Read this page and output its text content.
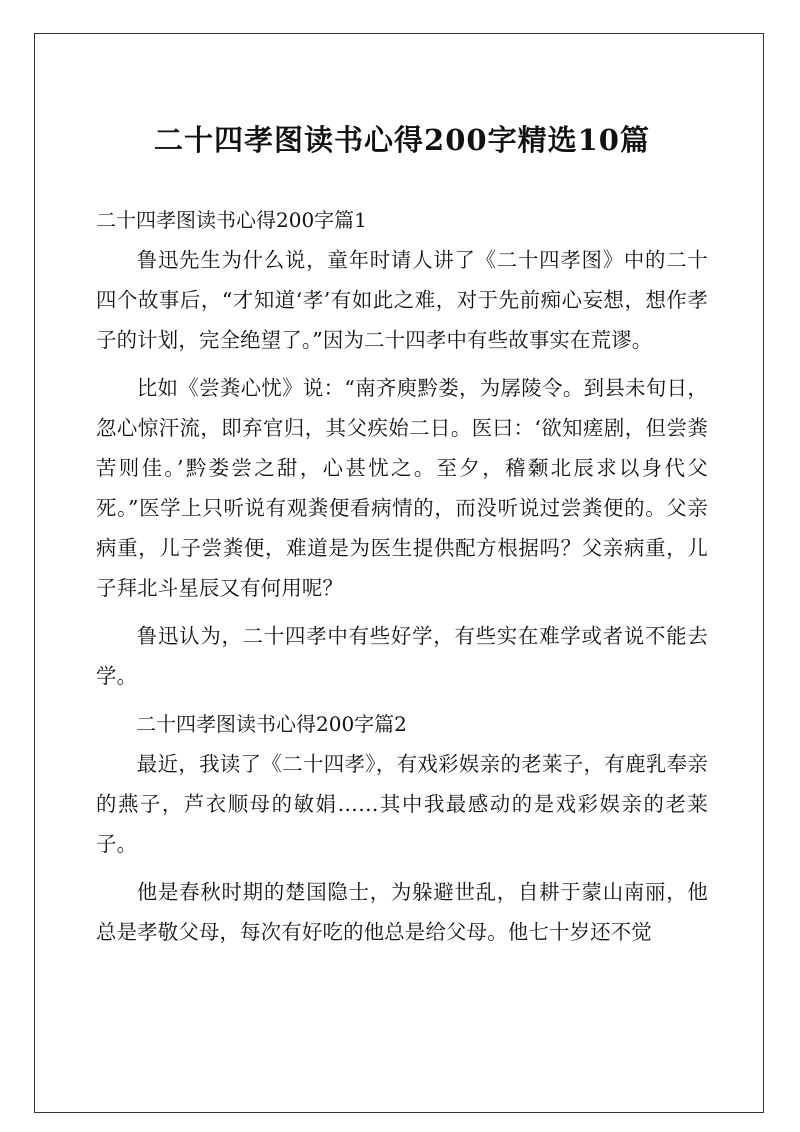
二十四孝图读书心得200字精选10篇

二十四孝图读书心得200字篇1

鲁迅先生为什么说，童年时请人讲了《二十四孝图》中的二十四个故事后，“才知道‘孝’有如此之难，对于先前痴心妄想，想作孝子的计划，完全绝望了。”因为二十四孝中有些故事实在荒谬。

比如《尝粪心忧》说：“南齐庾黔娄，为孱陵令。到县未旬日，忽心惊汗流，即弃官归，其父疾始二日。医曰：‘欲知瘥剧，但尝粪苦则佳。’黔娄尝之甜，心甚忧之。至夕，稽颡北辰求以身代父死。”医学上只听说有观粪便看病情的，而没听说过尝粪便的。父亲病重，儿子尝粪便，难道是为医生提供配方根据吗？父亲病重，儿子拜北斗星辰又有何用呢？

鲁迅认为，二十四孝中有些好学，有些实在难学或者说不能去学。

二十四孝图读书心得200字篇2

最近，我读了《二十四孝》，有戏彩娱亲的老莱子，有鹿乳奉亲的燕子，芦衣顺母的敏娟……其中我最感动的是戏彩娱亲的老莱子。

他是春秋时期的楚国隐士，为躲避世乱，自耕于蒙山南丽，他总是孝敬父母，每次有好吃的他总是给父母。他七十岁还不觉
